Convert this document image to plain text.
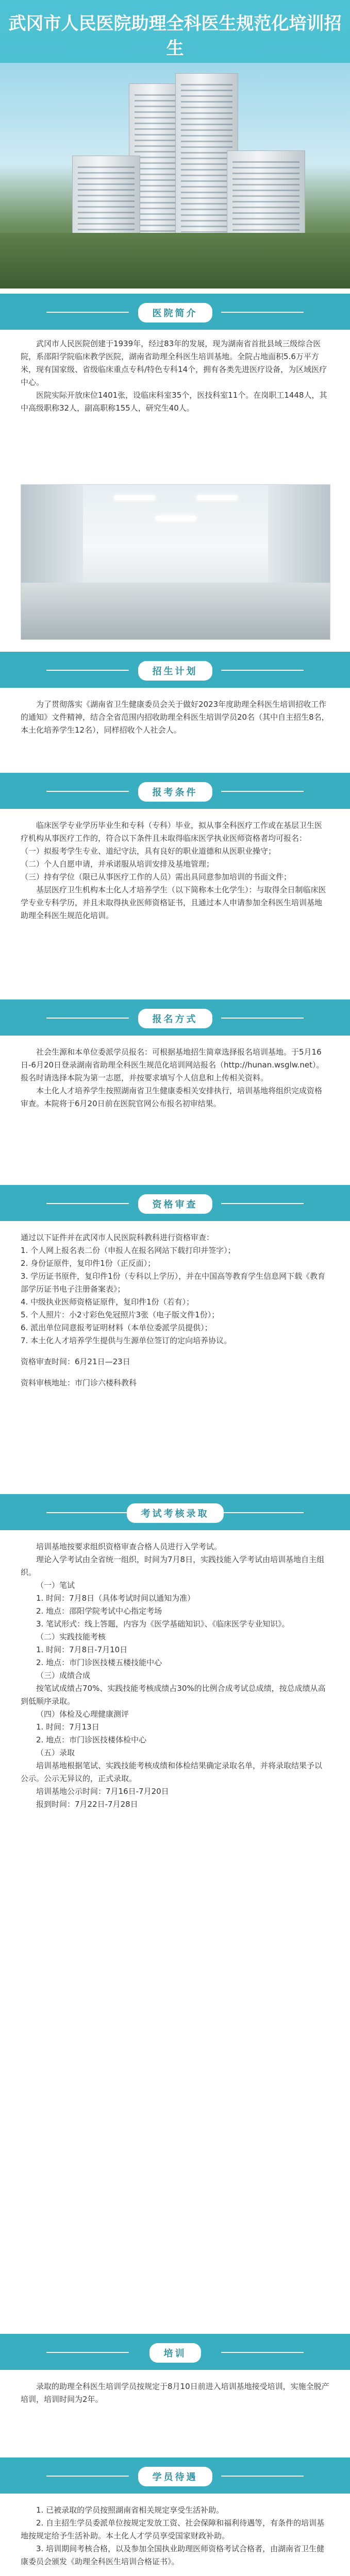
武冈市人民医院助理全科医生规范化培训招生
医院简介

武冈市人民医院创建于1939年，经过83年的发展，现为湖南省首批县域三级综合医院，系邵阳学院临床教学医院，湖南省助理全科医生培训基地。全院占地面积5.6万平方米，现有国家级、省级临床重点专科/特色专科14个，拥有各类先进医疗设备，为区域医疗中心。

医院实际开放床位1401张，设临床科室35个，医技科室11个。在岗职工1448人，其中高级职称32人，副高职称155人，研究生40人。

招生计划

为了贯彻落实《湖南省卫生健康委员会关于做好2023年度助理全科医生培训招收工作的通知》文件精神，结合全省范围内招收助理全科医生培训学员20名（其中自主招生8名，本土化培养学生12名），同样招收个人社会人。

报考条件

临床医学专业学历毕业生和专科（专科）毕业，拟从事全科医疗工作或在基层卫生医疗机构从事医疗工作的，符合以下条件且未取得临床医学执业医师资格者均可报名：

（一）拟报考学生专业、道纪守法，具有良好的职业道德和从医职业操守；

（二）个人自愿申请，并承诺服从培训安排及基地管理；

（三）持有学位（限已从事医疗工作的人员）需出具同意参加培训的书面文件；

基层医疗卫生机构本土化人才培养学生（以下简称本土化学生）：与取得全日制临床医学专业专科学历，并且未取得执业医师资格证书，且通过本人申请参加全科医生培训基地助理全科医生规范化培训。

报名方式

社会生源和本单位委派学员报名：可根据基地招生简章选择报名培训基地。于5月16日-6月20日登录湖南省助理全科医生规范化培训网站报名（http://hunan.wsglw.net）。报名时请选择本院为第一志愿，并按要求填写个人信息和上传相关资料。

本土化人才培养学生按照湖南省卫生健康委相关安排执行，培训基地将组织完成资格审查。本院将于6月20日前在医院官网公布报名初审结果。

资格审查

通过以下证件并在武冈市人民医院科教科进行资格审查：

1. 个人网上报名表二份（申报人在报名网站下载打印并签字）；

2. 身份证原件，复印件1份（正反面）；

3. 学历证书原件，复印件1份（专科以上学历），并在中国高等教育学生信息网下载《教育部学历证书电子注册备案表》；

4. 中级执业医师资格证原件，复印件1份（若有）；

5. 个人照片：小2寸彩色免冠照片3张（电子版文件1份）；

6. 派出单位同意报考证明材料（本单位委派学员提供）；

7. 本土化人才培养学生提供与生源单位签订的定向培养协议。

资格审查时间：6月21日—23日

资料审核地址：市门诊六楼科教科

考试考核录取

培训基地按要求组织资格审查合格人员进行入学考试。

理论入学考试由全省统一组织，时间为7月8日，实践技能入学考试由培训基地自主组织。

（一）笔试

1. 时间：7月8日（具体考试时间以通知为准）

2. 地点：邵阳学院考试中心指定考场

3. 笔试形式：线上答题，内容为《医学基础知识》、《临床医学专业知识》。

（二）实践技能考核

1. 时间：7月8日-7月10日

2. 地点：市门诊医技楼五楼技能中心

（三）成绩合成

按笔试成绩占70%、实践技能考核成绩占30%的比例合成考试总成绩，按总成绩从高到低顺序录取。

（四）体检及心理健康测评

1. 时间：7月13日

2. 地点：市门诊医技楼体检中心

（五）录取

培训基地根据笔试、实践技能考核成绩和体检结果确定录取名单，并将录取结果予以公示。公示无异议的，正式录取。

培训基地公示时间：7月16日-7月20日

报到时间：7月22日-7月28日

培训

录取的助理全科医生培训学员按规定于8月10日前进入培训基地接受培训，实施全脱产培训，培训时间为2年。

学员待遇

1. 已被录取的学员按照湖南省相关规定享受生活补助。

2. 自主招生学员委派单位按规定发放工资、社会保障和福利待遇等，有条件的培训基地按规定给予生活补助。本土化人才学员享受国家财政补助。

3. 培训期间考核合格，以及参加全国执业助理医师资格考试合格者，由湖南省卫生健康委员会颁发《助理全科医生培训合格证书》。
